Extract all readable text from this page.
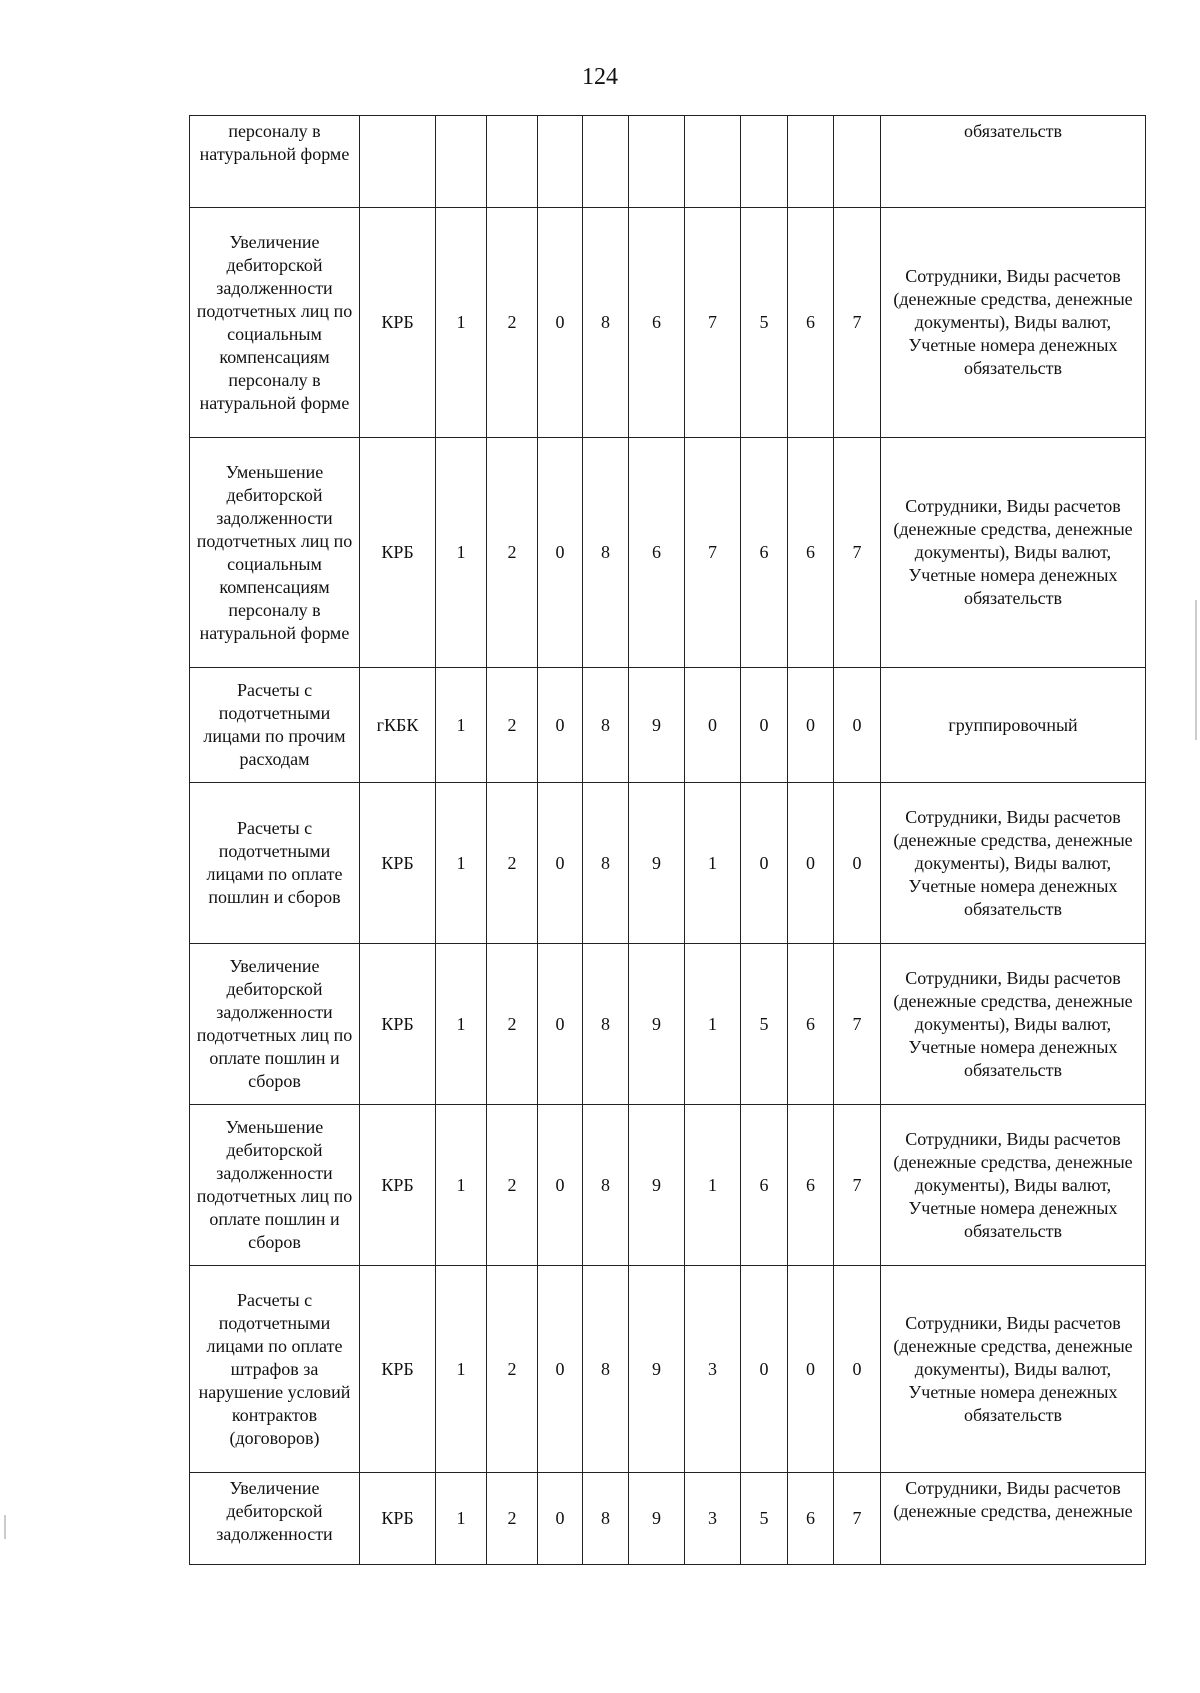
124
персоналу в натуральной форме											обязательств
Увеличение дебиторской задолженности подотчетных лиц по социальным компенсациям персоналу в натуральной форме	КРБ	1	2	0	8	6	7	5	6	7	Сотрудники, Виды расчетов (денежные средства, денежные документы), Виды валют, Учетные номера денежных обязательств
Уменьшение дебиторской задолженности подотчетных лиц по социальным компенсациям персоналу в натуральной форме	КРБ	1	2	0	8	6	7	6	6	7	Сотрудники, Виды расчетов (денежные средства, денежные документы), Виды валют, Учетные номера денежных обязательств
Расчеты с подотчетными лицами по прочим расходам	гКБК	1	2	0	8	9	0	0	0	0	группировочный
Расчеты с подотчетными лицами по оплате пошлин и сборов	КРБ	1	2	0	8	9	1	0	0	0	Сотрудники, Виды расчетов (денежные средства, денежные документы), Виды валют, Учетные номера денежных обязательств
Увеличение дебиторской задолженности подотчетных лиц по оплате пошлин и сборов	КРБ	1	2	0	8	9	1	5	6	7	Сотрудники, Виды расчетов (денежные средства, денежные документы), Виды валют, Учетные номера денежных обязательств
Уменьшение дебиторской задолженности подотчетных лиц по оплате пошлин и сборов	КРБ	1	2	0	8	9	1	6	6	7	Сотрудники, Виды расчетов (денежные средства, денежные документы), Виды валют, Учетные номера денежных обязательств
Расчеты с подотчетными лицами по оплате штрафов за нарушение условий контрактов (договоров)	КРБ	1	2	0	8	9	3	0	0	0	Сотрудники, Виды расчетов (денежные средства, денежные документы), Виды валют, Учетные номера денежных обязательств
Увеличение дебиторской задолженности	КРБ	1	2	0	8	9	3	5	6	7	Сотрудники, Виды расчетов (денежные средства, денежные
